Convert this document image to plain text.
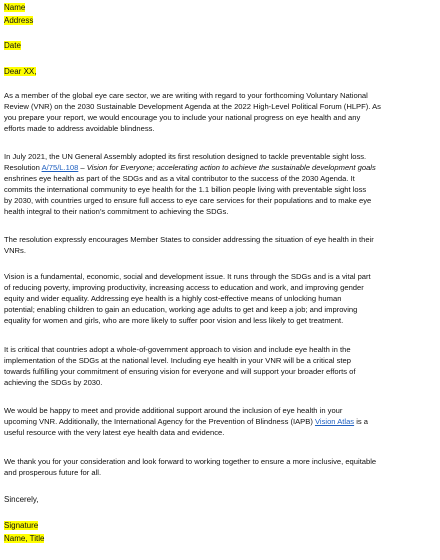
Name
Address
Date
Dear XX,
As a member of the global eye care sector, we are writing with regard to your forthcoming Voluntary National
Review (VNR) on the 2030 Sustainable Development Agenda at the 2022 High-Level Political Forum (HLPF). As
you prepare your report, we would encourage you to include your national progress on eye health and any
efforts made to address avoidable blindness.
In July 2021, the UN General Assembly adopted its first resolution designed to tackle preventable sight loss.
Resolution A/75/L.108 – Vision for Everyone; accelerating action to achieve the sustainable development goals
enshrines eye health as part of the SDGs and as a vital contributor to the success of the 2030 Agenda. It
commits the international community to eye health for the 1.1 billion people living with preventable sight loss
by 2030, with countries urged to ensure full access to eye care services for their populations and to make eye
health integral to their nation’s commitment to achieving the SDGs.
The resolution expressly encourages Member States to consider addressing the situation of eye health in their
VNRs.
Vision is a fundamental, economic, social and development issue. It runs through the SDGs and is a vital part
of reducing poverty, improving productivity, increasing access to education and work, and improving gender
equity and wider equality. Addressing eye health is a highly cost-effective means of unlocking human
potential; enabling children to gain an education, working age adults to get and keep a job; and improving
equality for women and girls, who are more likely to suffer poor vision and less likely to get treatment.
It is critical that countries adopt a whole-of-government approach to vision and include eye health in the
implementation of the SDGs at the national level. Including eye health in your VNR will be a critical step
towards fulfilling your commitment of ensuring vision for everyone and will support your broader efforts of
achieving the SDGs by 2030.
We would be happy to meet and provide additional support around the inclusion of eye health in your
upcoming VNR. Additionally, the International Agency for the Prevention of Blindness (IAPB) Vision Atlas is a
useful resource with the very latest eye health data and evidence.
We thank you for your consideration and look forward to working together to ensure a more inclusive, equitable
and prosperous future for all.
Sincerely,
Signature
Name, Title
